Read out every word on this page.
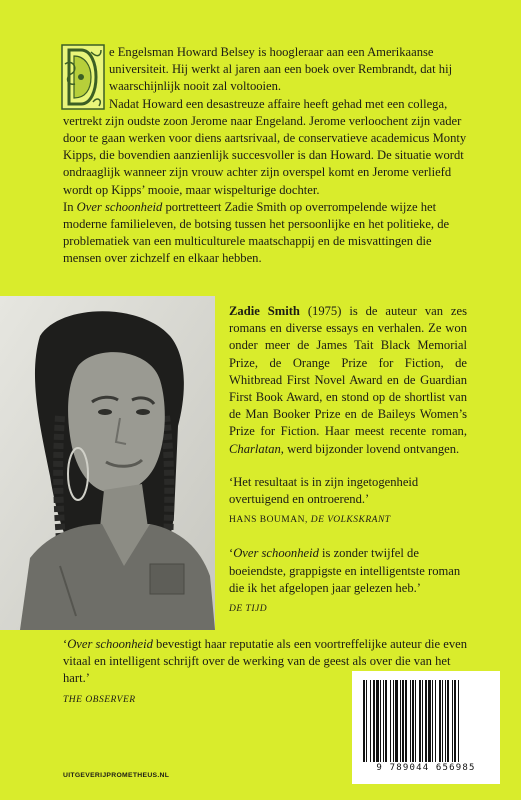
e Engelsman Howard Belsey is hoogleraar aan een Amerikaanse universiteit. Hij werkt al jaren aan een boek over Rembrandt, dat hij waarschijnlijk nooit zal voltooien.

Nadat Howard een desastreuze affaire heeft gehad met een collega, vertrekt zijn oudste zoon Jerome naar Engeland. Jerome verloochent zijn vader door te gaan werken voor diens aartsrivaal, de conservatieve academicus Monty Kipps, die bovendien aanzienlijk succesvoller is dan Howard. De situatie wordt ondraaglijk wanneer zijn vrouw achter zijn overspel komt en Jerome verliefd wordt op Kipps’ mooie, maar wispelturige dochter.

In Over schoonheid portretteert Zadie Smith op overrompelende wijze het moderne familieleven, de botsing tussen het persoonlijke en het politieke, de problematiek van een multiculturele maatschappij en de misvattingen die mensen over zichzelf en elkaar hebben.

Zadie Smith (1975) is de auteur van zes romans en diverse essays en verhalen. Ze won onder meer de James Tait Black Memorial Prize, de Orange Prize for Fiction, de Whitbread First Novel Award en de Guardian First Book Award, en stond op de shortlist van de Man Booker Prize en de Baileys Women’s Prize for Fiction. Haar meest recente roman, Charlatan, werd bijzonder lovend ontvangen.

‘Het resultaat is in zijn ingetogenheid overtuigend en ontroerend.’

HANS BOUMAN, DE VOLKSKRANT

‘Over schoonheid is zonder twijfel de boeiendste, grappigste en intelligentste roman die ik het afgelopen jaar gelezen heb.’

DE TIJD

‘Over schoonheid bevestigt haar reputatie als een voortreffelijke auteur die even vitaal en intelligent schrijft over de werking van de geest als over die van het hart.’

THE OBSERVER

UITGEVERIJPROMETHEUS.NL
9 789044 656985
